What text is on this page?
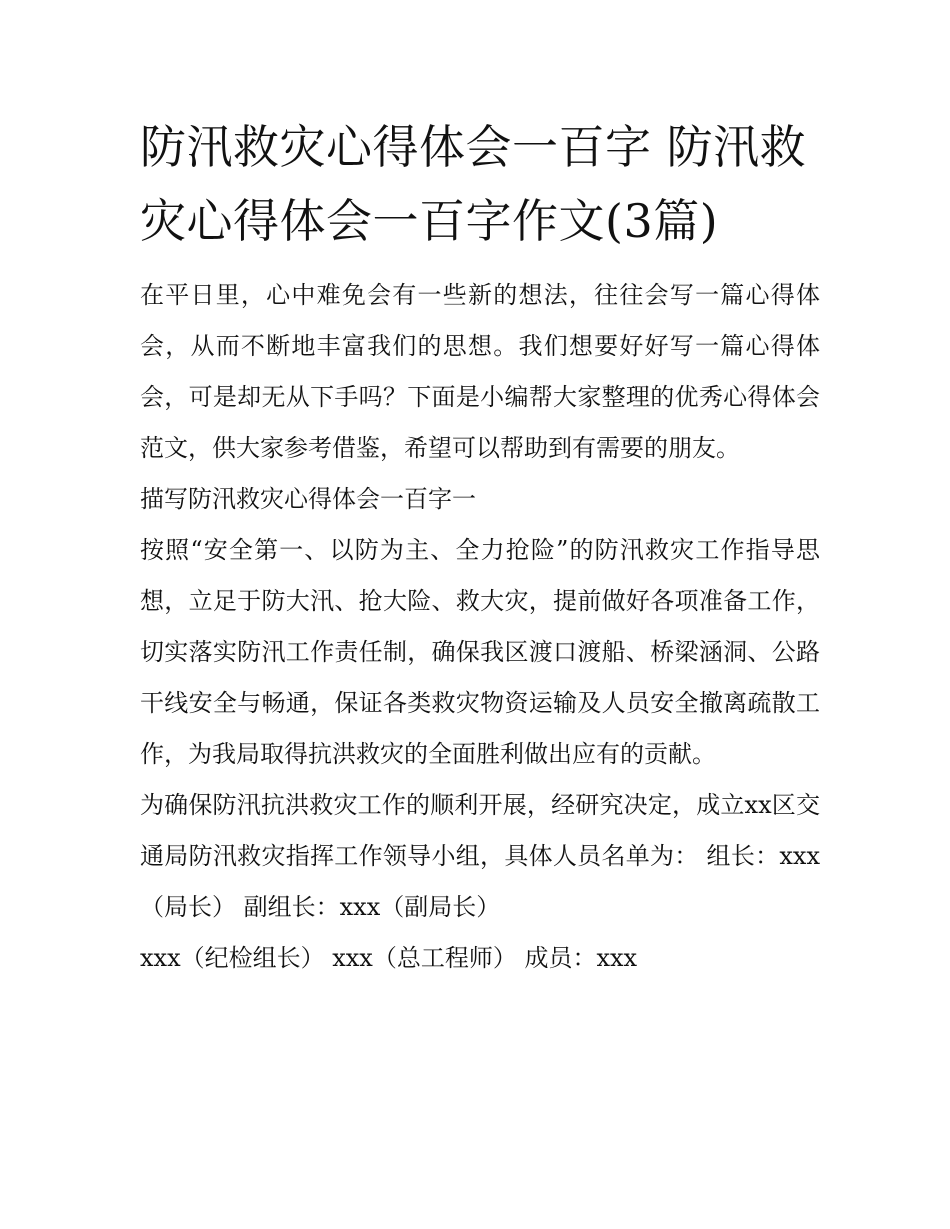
防汛救灾心得体会一百字 防汛救灾心得体会一百字作文(3篇)

在平日里，心中难免会有一些新的想法，往往会写一篇心得体会，从而不断地丰富我们的思想。我们想要好好写一篇心得体会，可是却无从下手吗？下面是小编帮大家整理的优秀心得体会范文，供大家参考借鉴，希望可以帮助到有需要的朋友。

描写防汛救灾心得体会一百字一

按照“安全第一、以防为主、全力抢险”的防汛救灾工作指导思想，立足于防大汛、抢大险、救大灾，提前做好各项准备工作，切实落实防汛工作责任制，确保我区渡口渡船、桥梁涵洞、公路干线安全与畅通，保证各类救灾物资运输及人员安全撤离疏散工作，为我局取得抗洪救灾的全面胜利做出应有的贡献。

为确保防汛抗洪救灾工作的顺利开展，经研究决定，成立xx区交通局防汛救灾指挥工作领导小组，具体人员名单为： 组长：xxx（局长） 副组长：xxx（副局长）

xxx（纪检组长） xxx（总工程师） 成员：xxx
